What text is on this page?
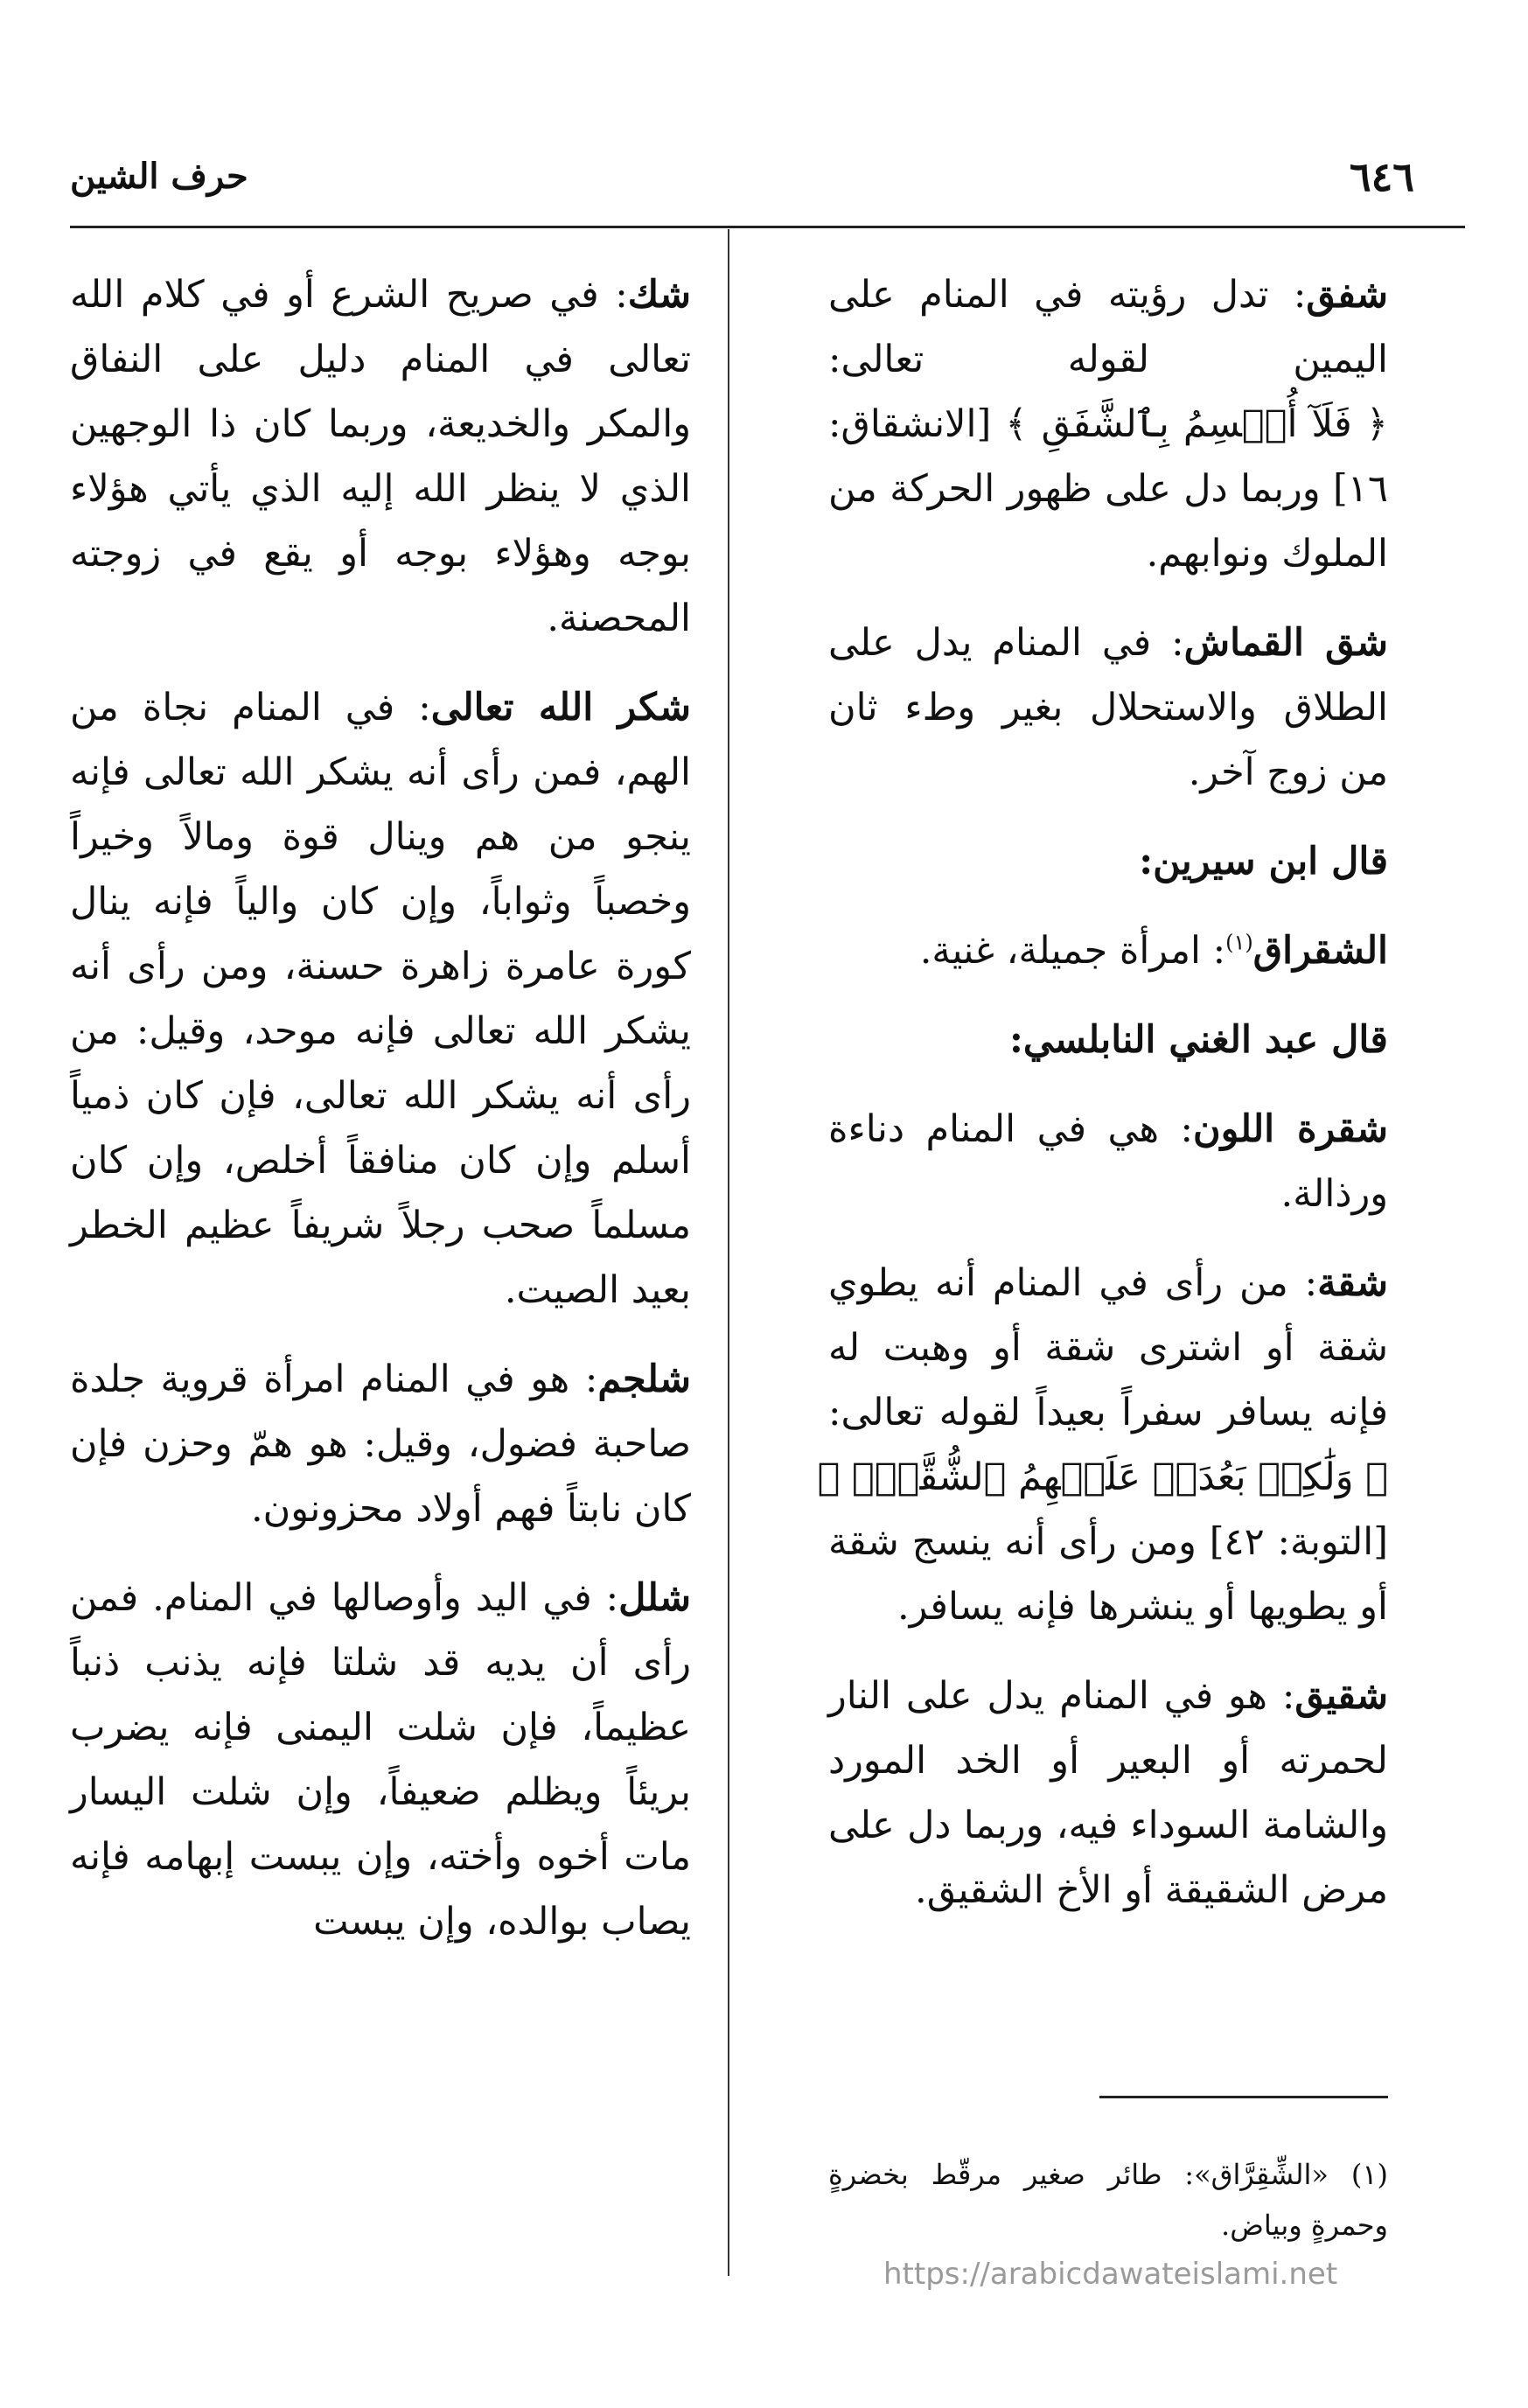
٦٤٦
حرف الشين

شفق: تدل رؤيته في المنام على اليمين لقوله تعالى: ﴿ فَلَآ أُقۡسِمُ بِٱلشَّفَقِ ﴾ [الانشقاق: ١٦] وربما دل على ظهور الحركة من الملوك ونوابهم.

شق القماش: في المنام يدل على الطلاق والاستحلال بغير وطء ثان من زوج آخر.

قال ابن سيرين:

الشقراق$^{(١)}$: امرأة جميلة، غنية.

قال عبد الغني النابلسي:

شقرة اللون: هي في المنام دناءة ورذالة.

شقة: من رأى في المنام أنه يطوي شقة أو اشترى شقة أو وهبت له فإنه يسافر سفراً بعيداً لقوله تعالى: ﴿ وَلَٰكِنۢ بَعُدَتۡ عَلَيۡهِمُ ٱلشُّقَّةُۚ ﴾ [التوبة: ٤٢] ومن رأى أنه ينسج شقة أو يطويها أو ينشرها فإنه يسافر.

شقيق: هو في المنام يدل على النار لحمرته أو البعير أو الخد المورد والشامة السوداء فيه، وربما دل على مرض الشقيقة أو الأخ الشقيق.

شك: في صريح الشرع أو في كلام الله تعالى في المنام دليل على النفاق والمكر والخديعة، وربما كان ذا الوجهين الذي لا ينظر الله إليه الذي يأتي هؤلاء بوجه وهؤلاء بوجه أو يقع في زوجته المحصنة.

شكر الله تعالى: في المنام نجاة من الهم، فمن رأى أنه يشكر الله تعالى فإنه ينجو من هم وينال قوة ومالاً وخيراً وخصباً وثواباً، وإن كان والياً فإنه ينال كورة عامرة زاهرة حسنة، ومن رأى أنه يشكر الله تعالى فإنه موحد، وقيل: من رأى أنه يشكر الله تعالى، فإن كان ذمياً أسلم وإن كان منافقاً أخلص، وإن كان مسلماً صحب رجلاً شريفاً عظيم الخطر بعيد الصيت.

شلجم: هو في المنام امرأة قروية جلدة صاحبة فضول، وقيل: هو همّ وحزن فإن كان نابتاً فهم أولاد محزونون.

شلل: في اليد وأوصالها في المنام. فمن رأى أن يديه قد شلتا فإنه يذنب ذنباً عظيماً، فإن شلت اليمنى فإنه يضرب بريئاً ويظلم ضعيفاً، وإن شلت اليسار مات أخوه وأخته، وإن يبست إبهامه فإنه يصاب بوالده، وإن يبست

(١) «الشِّقِرَّاق»: طائر صغير مرقّط بخضرةٍ وحمرةٍ وبياض.

https://arabicdawateislami.net
